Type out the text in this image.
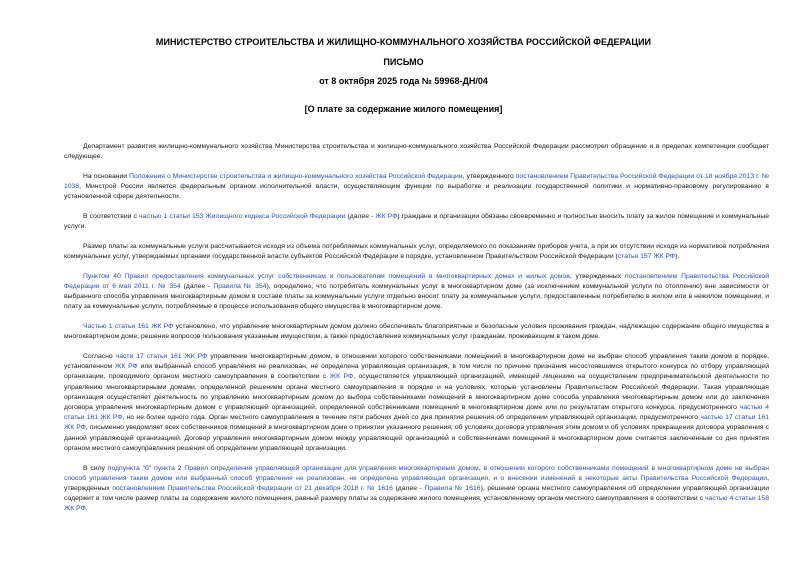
МИНИСТЕРСТВО СТРОИТЕЛЬСТВА И ЖИЛИЩНО-КОММУНАЛЬНОГО ХОЗЯЙСТВА РОССИЙСКОЙ ФЕДЕРАЦИИ
ПИСЬМО
от 8 октября 2025 года № 59968-ДН/04
[О плате за содержание жилого помещения]

Департамент развития жилищно-коммунального хозяйства Министерства строительства и жилищно-коммунального хозяйства Российской Федерации рассмотрел обращение и в пределах компетенции сообщает следующее.

На основании Положения о Министерстве строительства и жилищно-коммунального хозяйства Российской Федерации, утвержденного постановлением Правительства Российской Федерации от 18 ноября 2013 г. № 1038, Минстрой России является федеральным органом исполнительной власти, осуществляющим функции по выработке и реализации государственной политики и нормативно-правовому регулированию в установленной сфере деятельности.

В соответствии с частью 1 статьи 153 Жилищного кодекса Российской Федерации (далее - ЖК РФ) граждане и организации обязаны своевременно и полностью вносить плату за жилое помещение и коммунальные услуги.

Размер платы за коммунальные услуги рассчитывается исходя из объема потребляемых коммунальных услуг, определяемого по показаниям приборов учета, а при их отсутствии исходя из нормативов потребления коммунальных услуг, утверждаемых органами государственной власти субъектов Российской Федерации в порядке, установленном Правительством Российской Федерации (статья 157 ЖК РФ).

Пунктом 40 Правил предоставления коммунальных услуг собственникам и пользователям помещений в многоквартирных домах и жилых домов, утвержденных постановлением Правительства Российской Федерации от 6 мая 2011 г. № 354 (далее - Правила № 354), определено, что потребитель коммунальных услуг в многоквартирном доме (за исключением коммунальной услуги по отоплению) вне зависимости от выбранного способа управления многоквартирным домом в составе платы за коммунальные услуги отдельно вносит плату за коммунальные услуги, предоставленные потребителю в жилом или в нежилом помещении, и плату за коммунальные услуги, потребляемые в процессе использования общего имущества в многоквартирном доме.

Частью 1 статьи 161 ЖК РФ установлено, что управление многоквартирным домом должно обеспечивать благоприятные и безопасные условия проживания граждан, надлежащее содержание общего имущества в многоквартирном доме, решение вопросов пользования указанным имуществом, а также предоставление коммунальных услуг гражданам, проживающим в таком доме.

Согласно части 17 статьи 161 ЖК РФ управление многоквартирным домом, в отношении которого собственниками помещений в многоквартирном доме не выбран способ управления таким домом в порядке, установленном ЖК РФ или выбранный способ управления не реализован, не определена управляющая организация, в том числе по причине признания несостоявшимся открытого конкурса по отбору управляющей организации, проводимого органом местного самоуправления в соответствии с ЖК РФ, осуществляется управляющей организацией, имеющей лицензию на осуществление предпринимательской деятельности по управлению многоквартирными домами, определенной решением органа местного самоуправления в порядке и на условиях, которые установлены Правительством Российской Федерации. Такая управляющая организация осуществляет деятельность по управлению многоквартирным домом до выбора собственниками помещений в многоквартирном доме способа управления многоквартирным домом или до заключения договора управления многоквартирным домом с управляющей организацией, определенной собственниками помещений в многоквартирном доме или по результатам открытого конкурса, предусмотренного частью 4 статьи 161 ЖК РФ, но не более одного года. Орган местного самоуправления в течение пяти рабочих дней со дня принятия решения об определении управляющей организации, предусмотренного частью 17 статьи 161 ЖК РФ, письменно уведомляет всех собственников помещений в многоквартирном доме о принятии указанного решения, об условиях договора управления этим домом и об условиях прекращения договора управления с данной управляющей организацией. Договор управления многоквартирным домом между управляющей организацией и собственниками помещений в многоквартирном доме считается заключенным со дня принятия органом местного самоуправления решения об определении управляющей организации.

В силу подпункта "б" пункта 2 Правил определения управляющей организации для управления многоквартирным домом, в отношении которого собственниками помещений в многоквартирном доме не выбран способ управления таким домом или выбранный способ управления не реализован, не определена управляющая организация, и о внесении изменений в некоторые акты Правительства Российской Федерации, утвержденных постановлением Правительства Российской Федерации от 21 декабря 2018 г. № 1616 (далее - Правила № 1616), решение органа местного самоуправления об определении управляющей организации содержит в том числе размер платы за содержание жилого помещения, равный размеру платы за содержание жилого помещения, установленному органом местного самоуправления в соответствии с частью 4 статьи 158 ЖК РФ.
